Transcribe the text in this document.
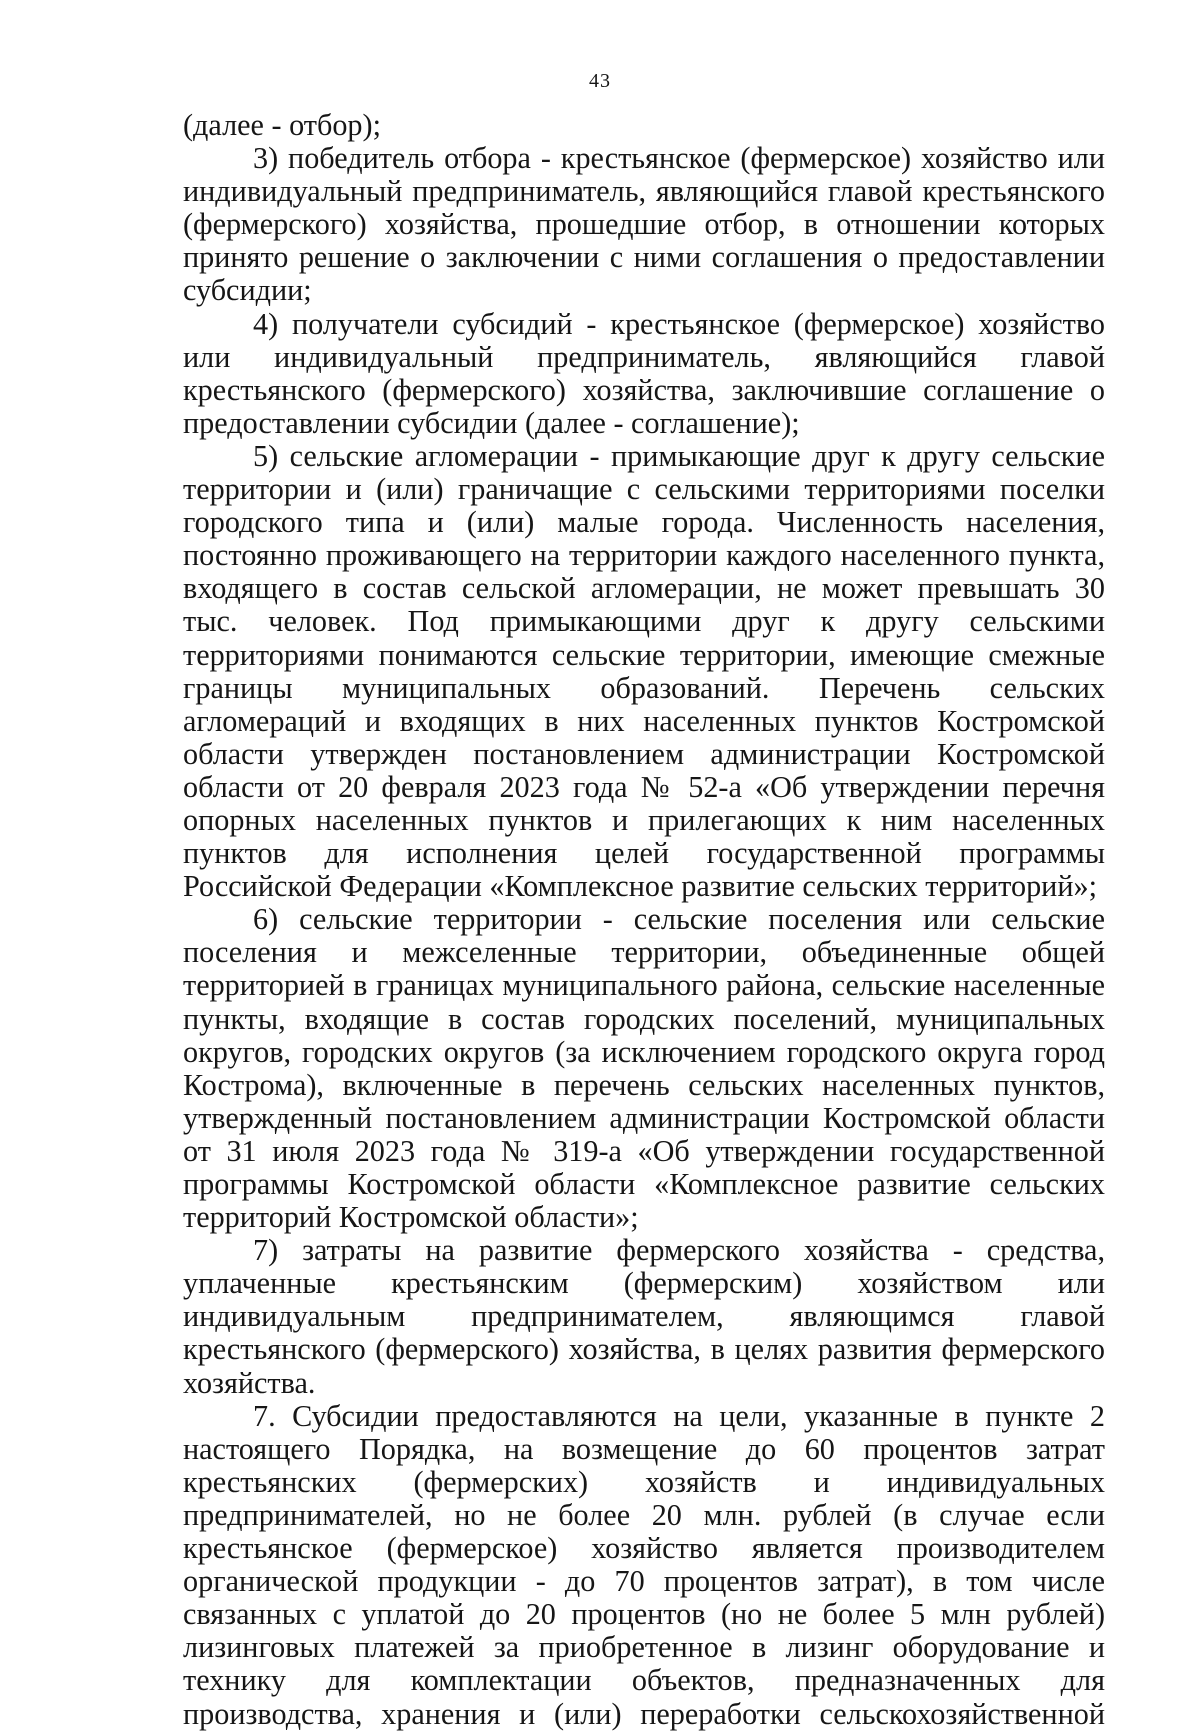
43

(далее - отбор);

3) победитель отбора - крестьянское (фермерское) хозяйство или индивидуальный предприниматель, являющийся главой крестьянского (фермерского) хозяйства, прошедшие отбор, в отношении которых принято решение о заключении с ними соглашения о предоставлении субсидии;

4) получатели субсидий - крестьянское (фермерское) хозяйство или индивидуальный предприниматель, являющийся главой крестьянского (фермерского) хозяйства, заключившие соглашение о предоставлении субсидии (далее - соглашение);

5) сельские агломерации - примыкающие друг к другу сельские территории и (или) граничащие с сельскими территориями поселки городского типа и (или) малые города. Численность населения, постоянно проживающего на территории каждого населенного пункта, входящего в состав сельской агломерации, не может превышать 30 тыс. человек. Под примыкающими друг к другу сельскими территориями понимаются сельские территории, имеющие смежные границы муниципальных образований. Перечень сельских агломераций и входящих в них населенных пунктов Костромской области утвержден постановлением администрации Костромской области от 20 февраля 2023 года № 52-а «Об утверждении перечня опорных населенных пунктов и прилегающих к ним населенных пунктов для исполнения целей государственной программы Российской Федерации «Комплексное развитие сельских территорий»;

6) сельские территории - сельские поселения или сельские поселения и межселенные территории, объединенные общей территорией в границах муниципального района, сельские населенные пункты, входящие в состав городских поселений, муниципальных округов, городских округов (за исключением городского округа город Кострома), включенные в перечень сельских населенных пунктов, утвержденный постановлением администрации Костромской области от 31 июля 2023 года № 319-а «Об утверждении государственной программы Костромской области «Комплексное развитие сельских территорий Костромской области»;

7) затраты на развитие фермерского хозяйства - средства, уплаченные крестьянским (фермерским) хозяйством или индивидуальным предпринимателем, являющимся главой крестьянского (фермерского) хозяйства, в целях развития фермерского хозяйства.

7. Субсидии предоставляются на цели, указанные в пункте 2 настоящего Порядка, на возмещение до 60 процентов затрат крестьянских (фермерских) хозяйств и индивидуальных предпринимателей, но не более 20 млн. рублей (в случае если крестьянское (фермерское) хозяйство является производителем органической продукции - до 70 процентов затрат), в том числе связанных с уплатой до 20 процентов (но не более 5 млн рублей) лизинговых платежей за приобретенное в лизинг оборудование и технику для комплектации объектов, предназначенных для производства, хранения и (или) переработки сельскохозяйственной
